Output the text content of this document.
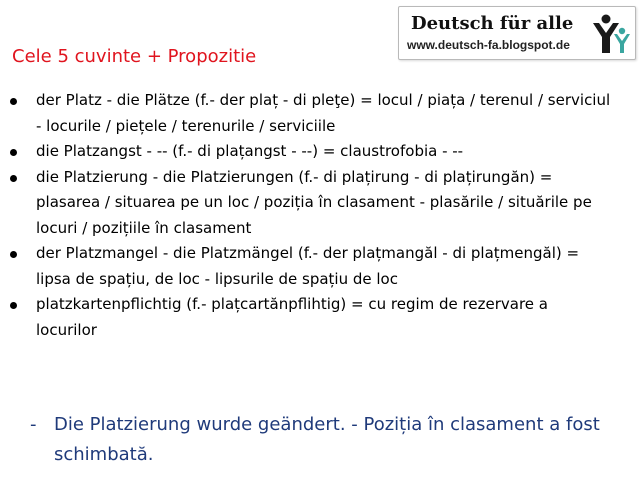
Deutsch für alle
www.deutsch-fa.blogspot.de
Cele 5 cuvinte + Propozitie
der Platz - die Plätze (f.- der plaț - di pleţe) = locul / piața / terenul / serviciul - locurile / piețele / terenurile / serviciile
die Platzangst - -- (f.- di plațangst - --) = claustrofobia - --
die Platzierung - die Platzierungen (f.- di plațirung - di plațirungăn) = plasarea / situarea pe un loc / poziția în clasament - plasările / situările pe locuri / pozițiile în clasament
der Platzmangel - die Platzmängel (f.- der plațmangăl - di plațmengăl) = lipsa de spațiu, de loc - lipsurile de spațiu de loc
platzkartenpflichtig (f.- plațcartănpflihtig) = cu regim de rezervare a locurilor
- Die Platzierung wurde geändert. - Poziția în clasament a fost schimbată.
